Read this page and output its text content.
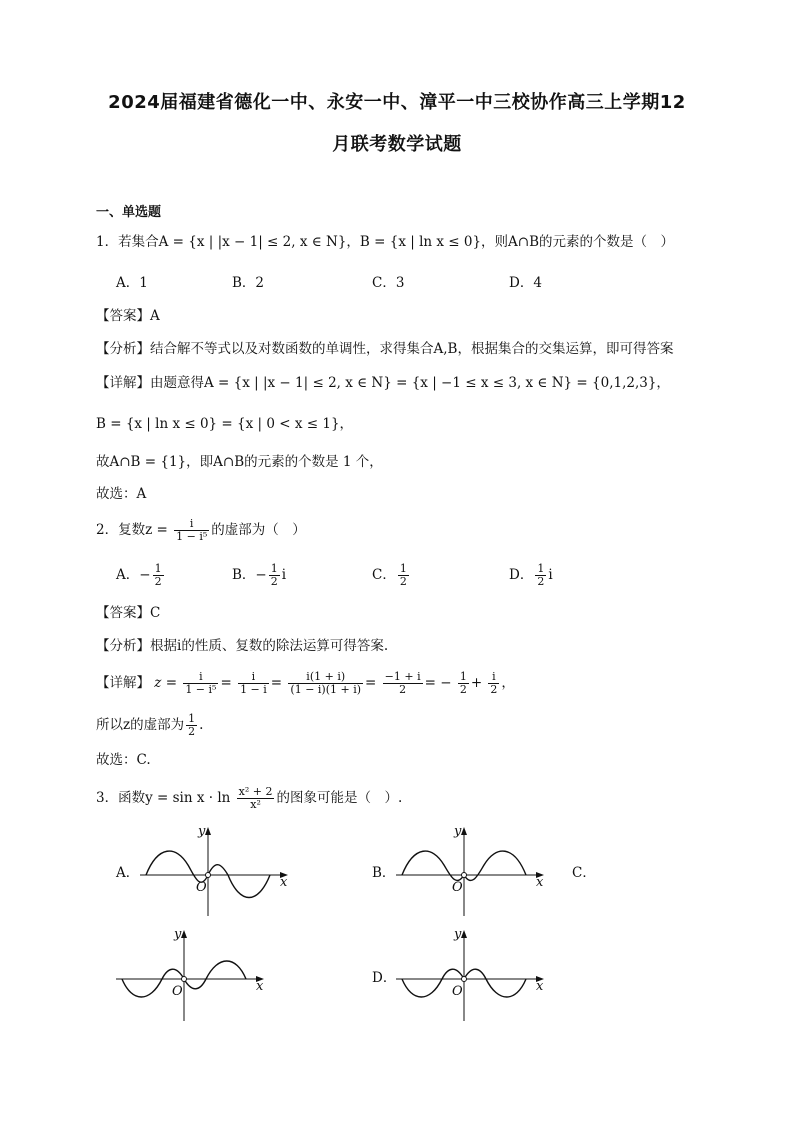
2024届福建省德化一中、永安一中、漳平一中三校协作高三上学期12
月联考数学试题
一、单选题
1．若集合A = {x | |x − 1| ≤ 2, x ∈ N}，B = {x | ln x ≤ 0}，则A∩B的元素的个数是（　）
A．1	B．2	C．3	D．4
【答案】A
【分析】结合解不等式以及对数函数的单调性，求得集合A,B，根据集合的交集运算，即可得答案
【详解】由题意得A = {x | |x − 1| ≤ 2, x ∈ N} = {x | −1 ≤ x ≤ 3, x ∈ N} = {0,1,2,3}，
B = {x | ln x ≤ 0} = {x | 0 < x ≤ 1}，
故A∩B = {1}，即A∩B的元素的个数是 1 个，
故选：A
2．复数$z = \frac{i}{\text{1 − i⁵}}$ 的虚部为（　）
A．− $\frac{1}{2}$	B．− $\frac{1}{2}$ i	C． $\frac{1}{2}$	D． $\frac{1}{2}$ i
【答案】C
【分析】根据i的性质、复数的除法运算可得答案.
【详解】 $z = \frac{i}{\text{1 − i⁵}} = \frac{i}{1 - i} = \frac{i(1 + i)}{(1 - i)(1 + i)} = \frac{-1 + i}{2}$ = − $\frac{1}{2} + \frac{i}{2}$ ，
所以z的虚部为 $\frac{1}{2}$ .
故选：C.
3．函数$y = \sin x \cdot \ln \frac{\text{x² + 2}}{\text{x²}}$ 的图象可能是（　）.
A．	B．	C．
D．
O	x
y
O	x
y
O	x
y
O	x
y
